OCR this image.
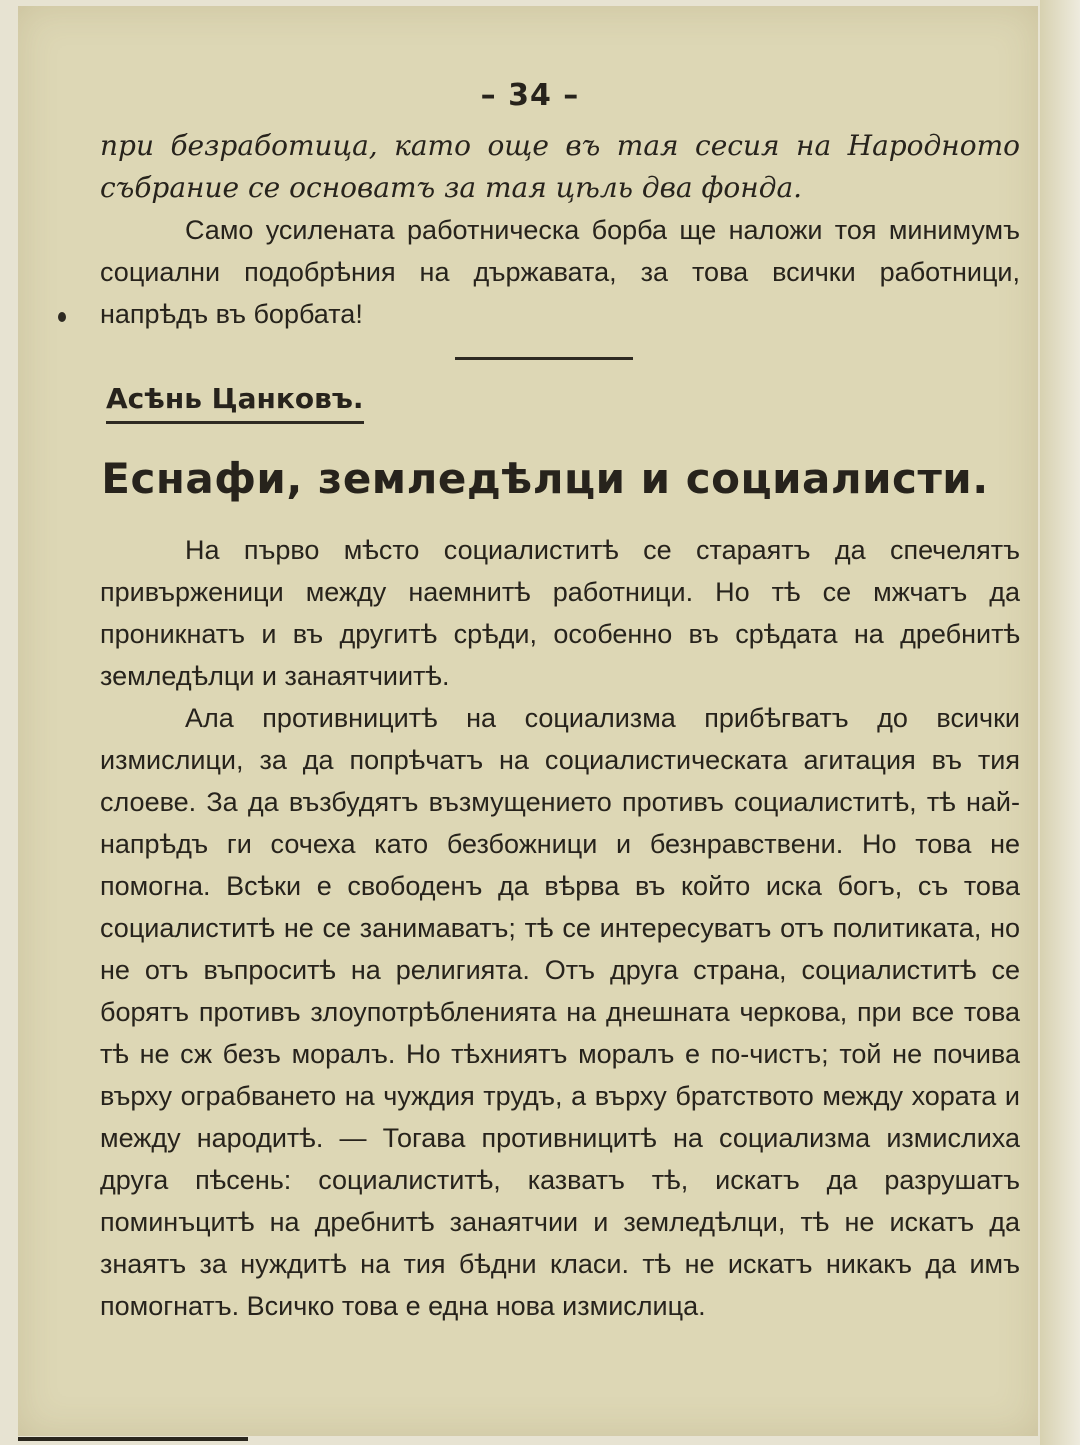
– 34 –

при безработица, като още въ тая сесия на Народното

събрание се основатъ за тая цѣль два фонда.

Само усилената работническа борба ще наложи тоя минимумъ социални подобрѣния на държавата, за това всички работници, напрѣдъ въ борбата!

Асѣнь Цанковъ.

Еснафи, земледѣлци и социалисти.

На първо мѣсто социалиститѣ се стараятъ да спечелятъ привърженици между наемнитѣ работници. Но тѣ се мжчатъ да проникнатъ и въ другитѣ срѣди, особенно въ срѣдата на дребнитѣ земледѣлци и занаятчиитѣ.

Ала противницитѣ на социализма прибѣгватъ до всички измислици, за да попрѣчатъ на социалистическата агитация въ тия слоеве. За да възбудятъ възмущението противъ социалиститѣ, тѣ най-напрѣдъ ги сочеха като безбожници и безнравствени. Но това не помогна. Всѣки е свободенъ да вѣрва въ който иска богъ, съ това социалиститѣ не се занимаватъ; тѣ се интересуватъ отъ политиката, но не отъ въпроситѣ на религията. Отъ друга страна, социалиститѣ се борятъ противъ злоупотрѣбленията на днешната черкова, при все това тѣ не сж безъ моралъ. Но тѣхниятъ моралъ е по-чистъ; той не почива върху ограбването на чуждия трудъ, а върху братството между хората и между народитѣ. — Тогава противницитѣ на социализма измислиха друга пѣсень: социалиститѣ, казватъ тѣ, искатъ да разрушатъ поминъцитѣ на дребнитѣ занаятчии и земледѣлци, тѣ не искатъ да знаятъ за нуждитѣ на тия бѣдни класи. тѣ не искатъ никакъ да имъ помогнатъ. Всичко това е една нова измислица.
